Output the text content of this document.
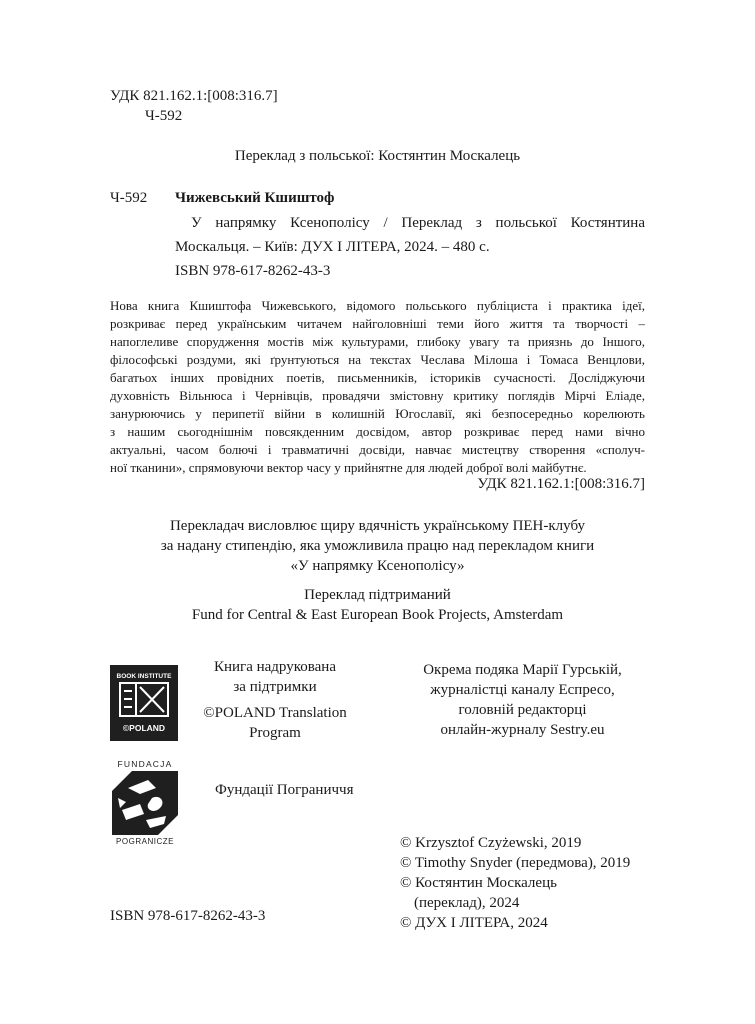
УДК 821.162.1:[008:316.7]
Ч-592
Переклад з польської: Костянтин Москалець
Ч-592 Чижевський Кшиштоф
У напрямку Ксенополісу / Переклад з польської Костянтина
Москальця. – Київ: ДУХ І ЛІТЕРА, 2024. – 480 с.
ISBN 978-617-8262-43-3
Нова книга Кшиштофа Чижевського, відомого польського публіциста і практика ідеї,
розкриває перед українським читачем найголовніші теми його життя та творчості –
напоглеливе спорудження мостів між культурами, глибоку увагу та приязнь до Іншого,
філософські роздуми, які ґрунтуються на текстах Чеслава Мілоша і Томаса Венцлови,
багатьох інших провідних поетів, письменників, істориків сучасності. Досліджуючи
духовність Вільнюса і Чернівців, провадячи змістовну критику поглядів Мірчі Еліаде,
занурюючись у перипетії війни в колишній Югославії, які безпосередньо корелюють
з нашим сьогоднішнім повсякденним досвідом, автор розкриває перед нами вічно
актуальні, часом болючі і травматичні досвіди, навчає мистецтву створення «сполуч-
ної тканини», спрямовуючи вектор часу у прийнятне для людей доброї волі майбутнє.
УДК 821.162.1:[008:316.7]
Перекладач висловлює щиру вдячність українському ПЕН-клубу
за надану стипендію, яка уможливила працю над перекладом книги
«У напрямку Ксенополісу»
Переклад підтриманий
Fund for Central & East European Book Projects, Amsterdam
BOOK INSTITUTE
©POLAND
Книга надрукована
за підтримки
©POLAND Translation
Program
FUNDACJA
POGRANICZE
Фундації Пограниччя
Окрема подяка Марії Гурській,
журналістці каналу Еспресо,
головній редакторці
онлайн-журналу Sestry.eu
© Krzysztof Czyżewski, 2019
© Timothy Snyder (передмова), 2019
© Костянтин Москалець
(переклад), 2024
© ДУХ І ЛІТЕРА, 2024
ISBN 978-617-8262-43-3
